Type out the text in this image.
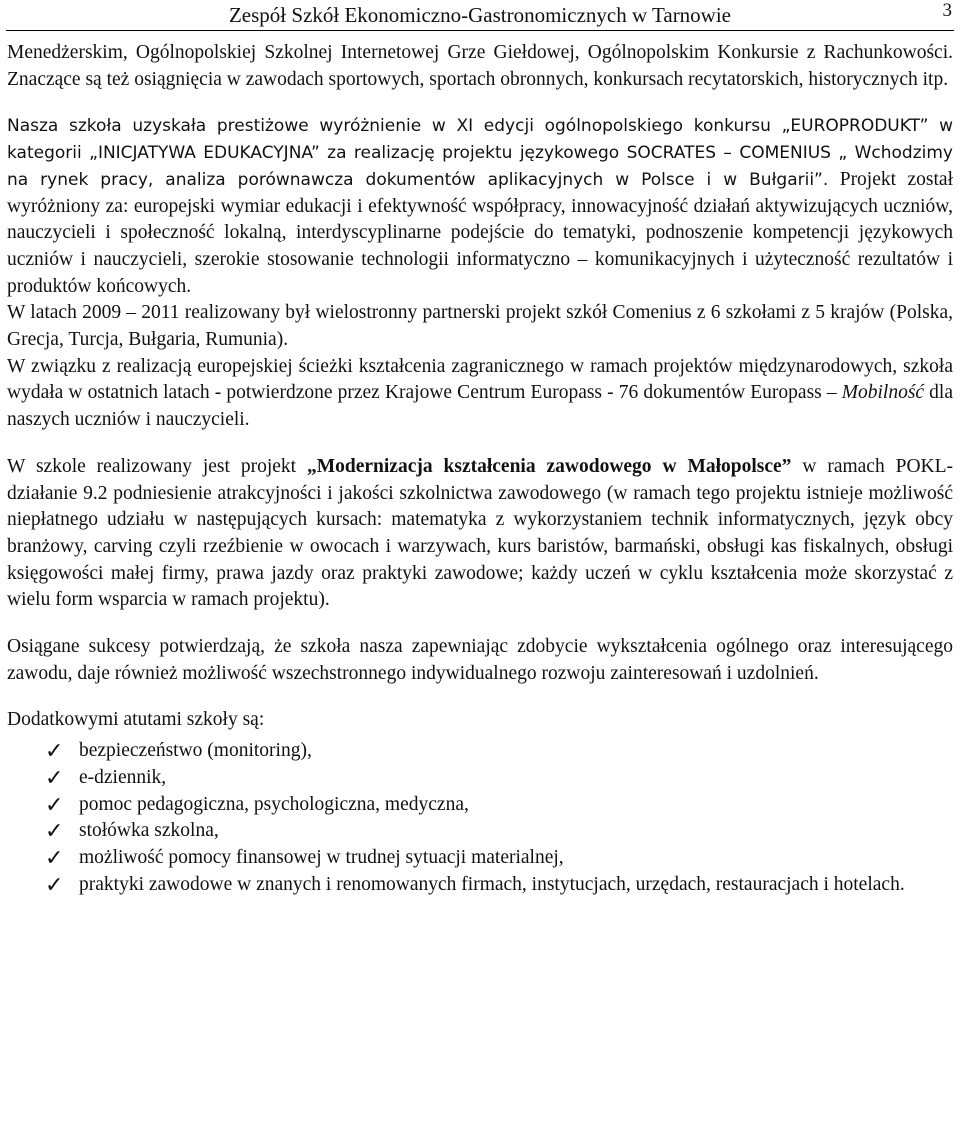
Zespół Szkół Ekonomiczno-Gastronomicznych w Tarnowie	3

Menedżerskim, Ogólnopolskiej Szkolnej Internetowej Grze Giełdowej, Ogólnopolskim Konkursie z Rachunkowości. Znaczące są też osiągnięcia w zawodach sportowych, sportach obronnych, konkursach recytatorskich, historycznych itp.

Nasza szkoła uzyskała prestiżowe wyróżnienie w XI edycji ogólnopolskiego konkursu „EUROPRODUKT” w kategorii „INICJATYWA EDUKACYJNA” za realizację projektu językowego SOCRATES – COMENIUS „ Wchodzimy na rynek pracy, analiza porównawcza dokumentów aplikacyjnych w Polsce i w Bułgarii”. Projekt został wyróżniony za: europejski wymiar edukacji i efektywność współpracy, innowacyjność działań aktywizujących uczniów, nauczycieli i społeczność lokalną, interdyscyplinarne podejście do tematyki, podnoszenie kompetencji językowych uczniów i nauczycieli, szerokie stosowanie technologii informatyczno – komunikacyjnych i użyteczność rezultatów i produktów końcowych.

W latach 2009 – 2011 realizowany był wielostronny partnerski projekt szkół Comenius z 6 szkołami z 5 krajów (Polska, Grecja, Turcja, Bułgaria, Rumunia).

W związku z realizacją europejskiej ścieżki kształcenia zagranicznego w ramach projektów międzynarodowych, szkoła wydała w ostatnich latach - potwierdzone przez Krajowe Centrum Europass - 76 dokumentów Europass – Mobilność dla naszych uczniów i nauczycieli.

W szkole realizowany jest projekt „Modernizacja kształcenia zawodowego w Małopolsce” w ramach POKL- działanie 9.2 podniesienie atrakcyjności i jakości szkolnictwa zawodowego (w ramach tego projektu istnieje możliwość niepłatnego udziału w następujących kursach: matematyka z wykorzystaniem technik informatycznych, język obcy branżowy, carving czyli rzeźbienie w owocach i warzywach, kurs baristów, barmański, obsługi kas fiskalnych, obsługi księgowości małej firmy, prawa jazdy oraz praktyki zawodowe; każdy uczeń w cyklu kształcenia może skorzystać z wielu form wsparcia w ramach projektu).

Osiągane sukcesy potwierdzają, że szkoła nasza zapewniając zdobycie wykształcenia ogólnego oraz interesującego zawodu, daje również możliwość wszechstronnego indywidualnego rozwoju zainteresowań i uzdolnień.

Dodatkowymi atutami szkoły są:

✓ bezpieczeństwo (monitoring),
✓ e-dziennik,
✓ pomoc pedagogiczna, psychologiczna, medyczna,
✓ stołówka szkolna,
✓ możliwość pomocy finansowej w trudnej sytuacji materialnej,
✓ praktyki zawodowe w znanych i renomowanych firmach, instytucjach, urzędach, restauracjach i hotelach.
